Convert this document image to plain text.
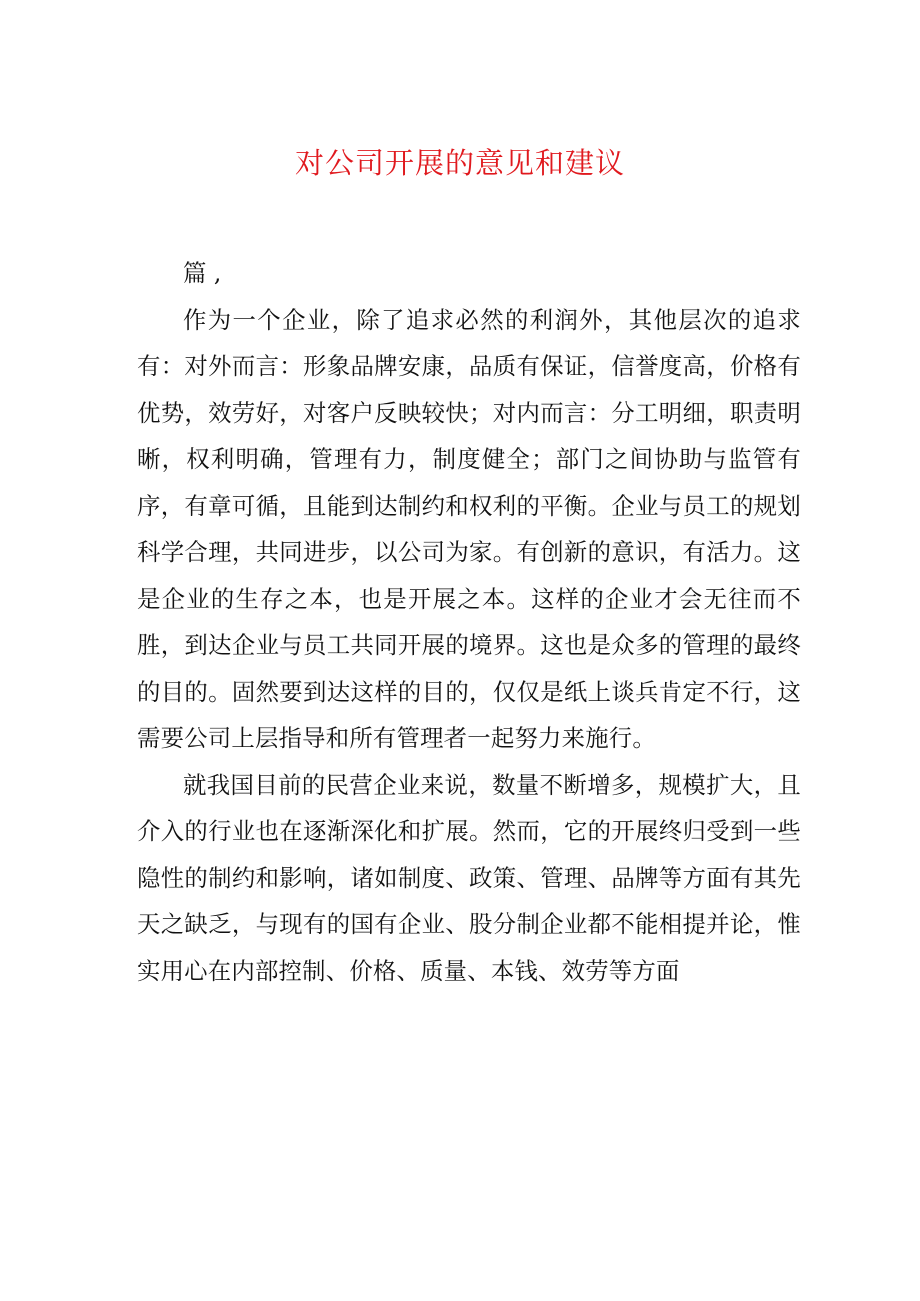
对公司开展的意见和建议

篇 ,

作为一个企业，除了追求必然的利润外，其他层次的追求有：对外而言：形象品牌安康，品质有保证，信誉度高，价格有优势，效劳好，对客户反映较快；对内而言：分工明细，职责明晰，权利明确，管理有力，制度健全；部门之间协助与监管有序，有章可循，且能到达制约和权利的平衡。企业与员工的规划科学合理，共同进步，以公司为家。有创新的意识，有活力。这是企业的生存之本，也是开展之本。这样的企业才会无往而不胜，到达企业与员工共同开展的境界。这也是众多的管理的最终的目的。固然要到达这样的目的，仅仅是纸上谈兵肯定不行，这需要公司上层指导和所有管理者一起努力来施行。

就我国目前的民营企业来说，数量不断增多，规模扩大，且介入的行业也在逐渐深化和扩展。然而，它的开展终归受到一些隐性的制约和影响，诸如制度、政策、管理、品牌等方面有其先天之缺乏，与现有的国有企业、股分制企业都不能相提并论，惟实用心在内部控制、价格、质量、本钱、效劳等方面
